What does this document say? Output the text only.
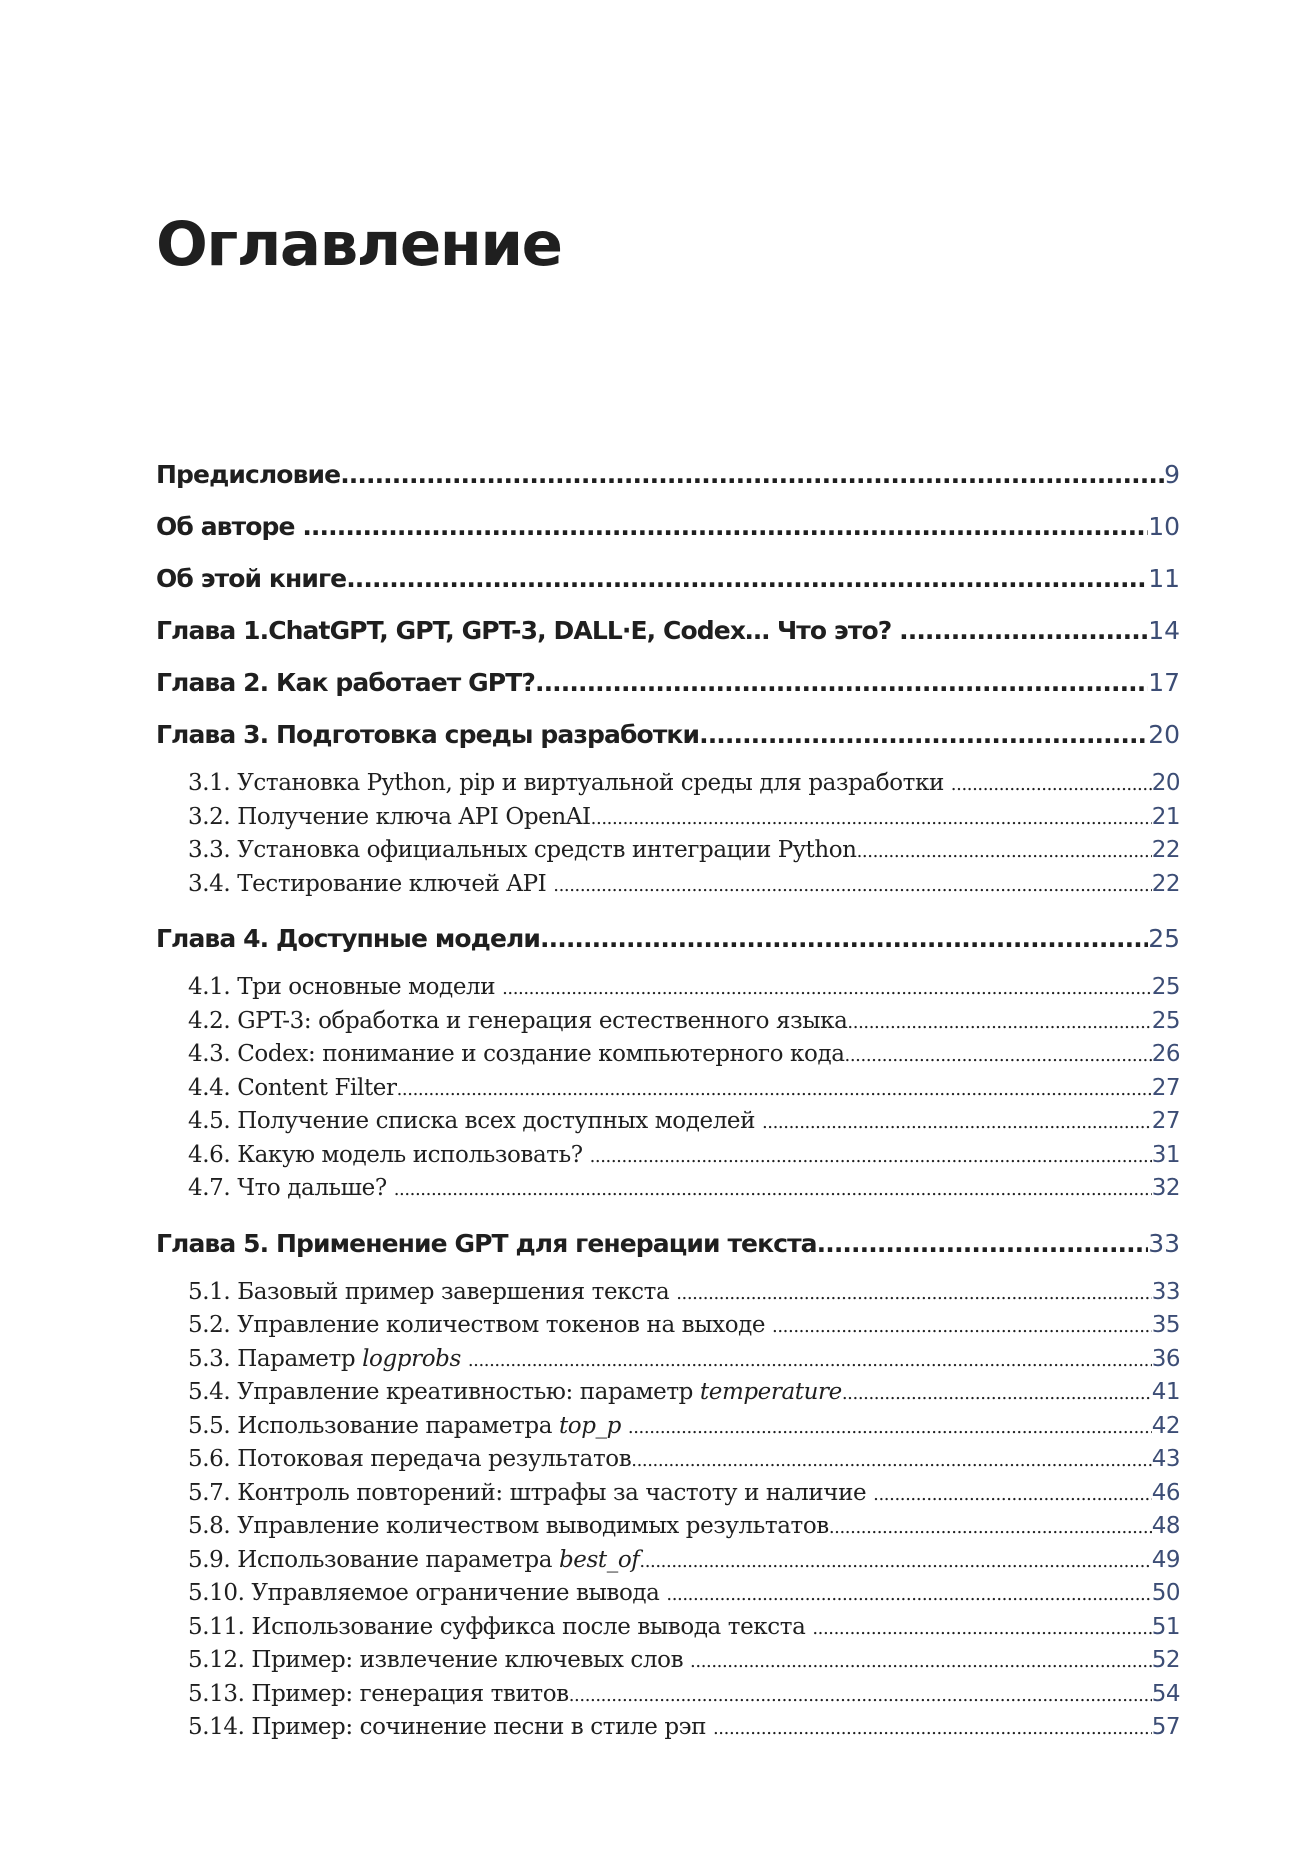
Оглавление
Предисловие .....	9
Об авторе .....	10
Об этой книге .....	11
Глава 1.ChatGPT, GPT, GPT-3, DALL·E, Codex… Что это? .....	14
Глава 2. Как работает GPT? .....	17
Глава 3. Подготовка среды разработки .....	20
3.1. Установка Python, pip и виртуальной среды для разработки .....	20
3.2. Получение ключа API OpenAI .....	21
3.3. Установка официальных средств интеграции Python .....	22
3.4. Тестирование ключей API .....	22
Глава 4. Доступные модели .....	25
4.1. Три основные модели .....	25
4.2. GPT-3: обработка и генерация естественного языка .....	25
4.3. Codex: понимание и создание компьютерного кода .....	26
4.4. Content Filter .....	27
4.5. Получение списка всех доступных моделей .....	27
4.6. Какую модель использовать? .....	31
4.7. Что дальше? .....	32
Глава 5. Применение GPT для генерации текста .....	33
5.1. Базовый пример завершения текста .....	33
5.2. Управление количеством токенов на выходе .....	35
5.3. Параметр logprobs .....	36
5.4. Управление креативностью: параметр temperature .....	41
5.5. Использование параметра top_p .....	42
5.6. Потоковая передача результатов .....	43
5.7. Контроль повторений: штрафы за частоту и наличие .....	46
5.8. Управление количеством выводимых результатов .....	48
5.9. Использование параметра best_of .....	49
5.10. Управляемое ограничение вывода .....	50
5.11. Использование суффикса после вывода текста .....	51
5.12. Пример: извлечение ключевых слов .....	52
5.13. Пример: генерация твитов .....	54
5.14. Пример: сочинение песни в стиле рэп .....	57
